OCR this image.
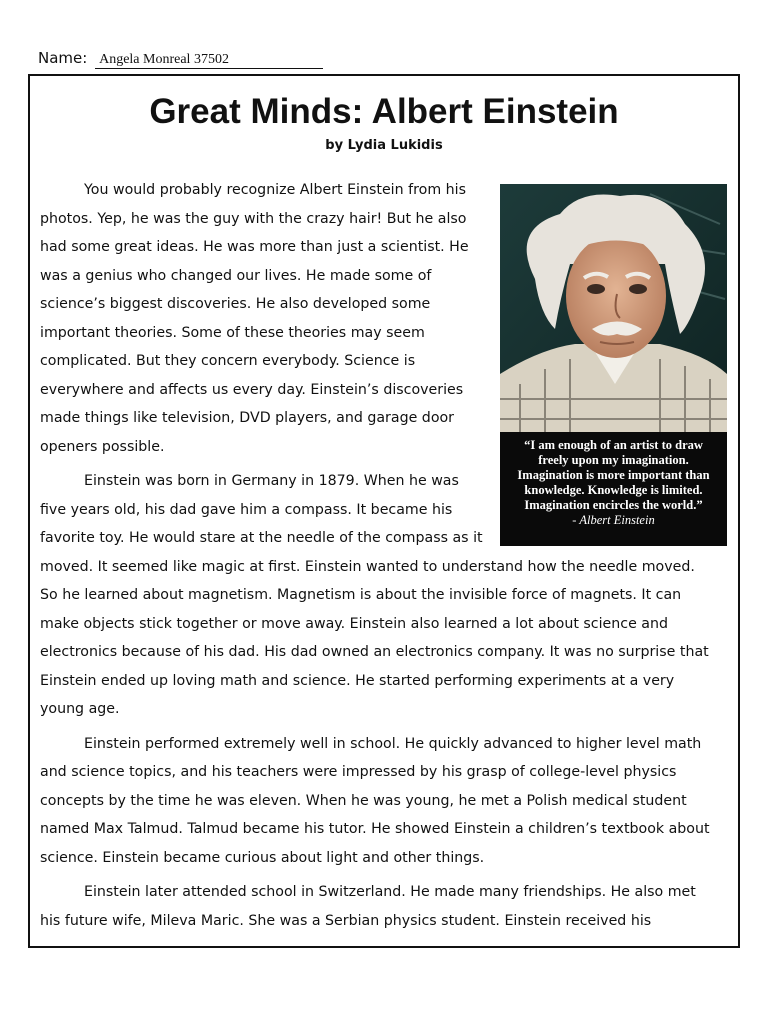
Name: Angela Monreal 37502
Great Minds: Albert Einstein
by Lydia Lukidis
“I am enough of an artist to draw
freely upon my imagination.
Imagination is more important than
knowledge. Knowledge is limited.
Imagination encircles the world.”
- Albert Einstein

You would probably recognize Albert Einstein from his photos. Yep, he was the guy with the crazy hair! But he also had some great ideas. He was more than just a scientist. He was a genius who changed our lives. He made some of science’s biggest discoveries. He also developed some important theories. Some of these theories may seem complicated. But they concern everybody. Science is everywhere and affects us every day. Einstein’s discoveries made things like television, DVD players, and garage door openers possible.

Einstein was born in Germany in 1879. When he was five years old, his dad gave him a compass. It became his favorite toy. He would stare at the needle of the compass as it moved. It seemed like magic at first. Einstein wanted to understand how the needle moved. So he learned about magnetism. Magnetism is about the invisible force of magnets. It can make objects stick together or move away. Einstein also learned a lot about science and electronics because of his dad. His dad owned an electronics company. It was no surprise that Einstein ended up loving math and science. He started performing experiments at a very young age.

Einstein performed extremely well in school. He quickly advanced to higher level math and science topics, and his teachers were impressed by his grasp of college-level physics concepts by the time he was eleven. When he was young, he met a Polish medical student named Max Talmud. Talmud became his tutor. He showed Einstein a children’s textbook about science. Einstein became curious about light and other things.

Einstein later attended school in Switzerland. He made many friendships. He also met his future wife, Mileva Maric. She was a Serbian physics student. Einstein received his
